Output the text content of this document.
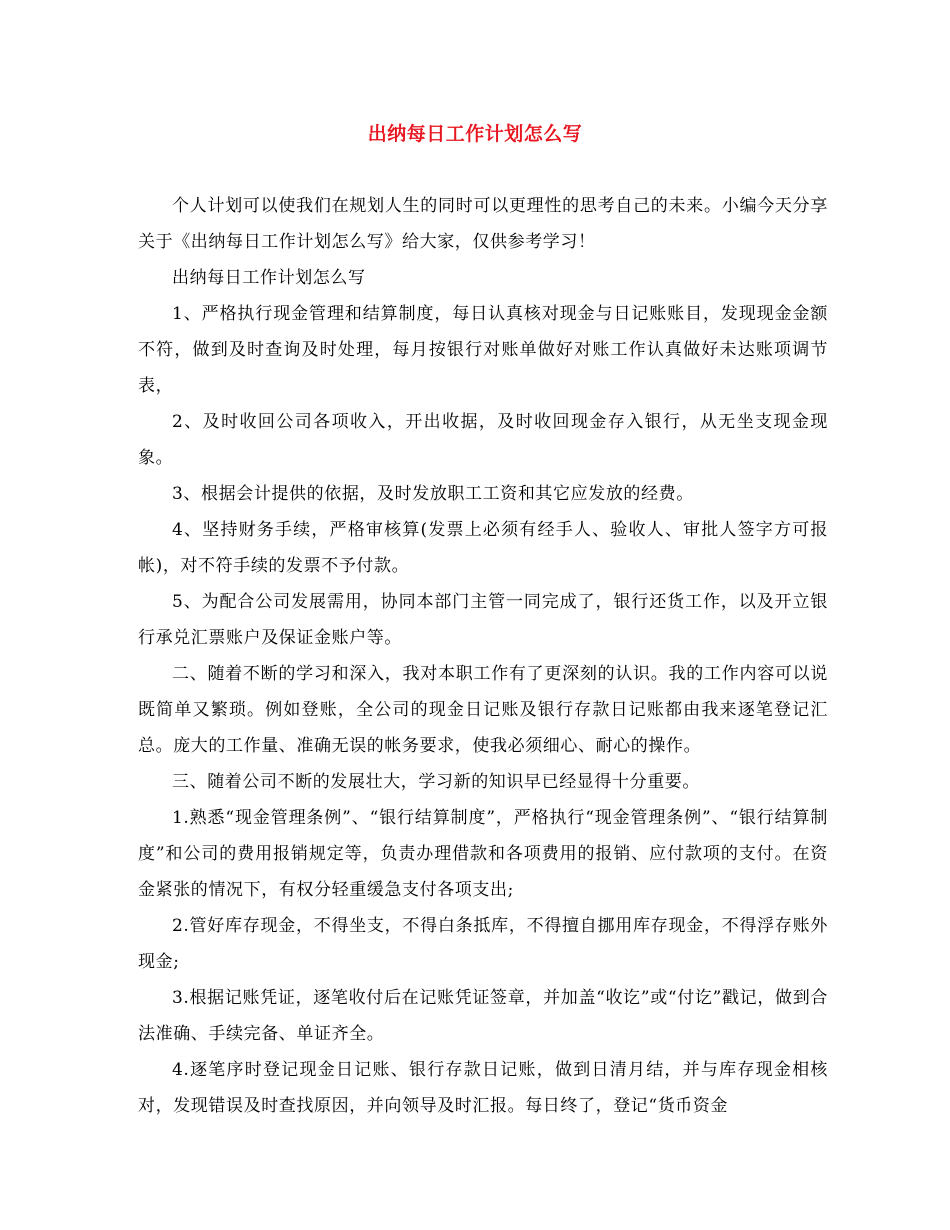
出纳每日工作计划怎么写

个人计划可以使我们在规划人生的同时可以更理性的思考自己的未来。小编今天分享关于《出纳每日工作计划怎么写》给大家，仅供参考学习！

出纳每日工作计划怎么写

1、严格执行现金管理和结算制度，每日认真核对现金与日记账账目，发现现金金额不符，做到及时查询及时处理，每月按银行对账单做好对账工作认真做好未达账项调节表，

2、及时收回公司各项收入，开出收据，及时收回现金存入银行，从无坐支现金现象。

3、根据会计提供的依据，及时发放职工工资和其它应发放的经费。

4、坚持财务手续，严格审核算(发票上必须有经手人、验收人、审批人签字方可报帐)，对不符手续的发票不予付款。

5、为配合公司发展需用，协同本部门主管一同完成了，银行还货工作，以及开立银行承兑汇票账户及保证金账户等。

二、随着不断的学习和深入，我对本职工作有了更深刻的认识。我的工作内容可以说既简单又繁琐。例如登账，全公司的现金日记账及银行存款日记账都由我来逐笔登记汇总。庞大的工作量、准确无误的帐务要求，使我必须细心、耐心的操作。

三、随着公司不断的发展壮大，学习新的知识早已经显得十分重要。

1.熟悉“现金管理条例”、“银行结算制度”，严格执行“现金管理条例”、“银行结算制度”和公司的费用报销规定等，负责办理借款和各项费用的报销、应付款项的支付。在资金紧张的情况下，有权分轻重缓急支付各项支出;

2.管好库存现金，不得坐支，不得白条抵库，不得擅自挪用库存现金，不得浮存账外现金;

3.根据记账凭证，逐笔收付后在记账凭证签章，并加盖“收讫”或“付讫”戳记，做到合法准确、手续完备、单证齐全。

4.逐笔序时登记现金日记账、银行存款日记账，做到日清月结，并与库存现金相核对，发现错误及时查找原因，并向领导及时汇报。每日终了，登记“货币资金
